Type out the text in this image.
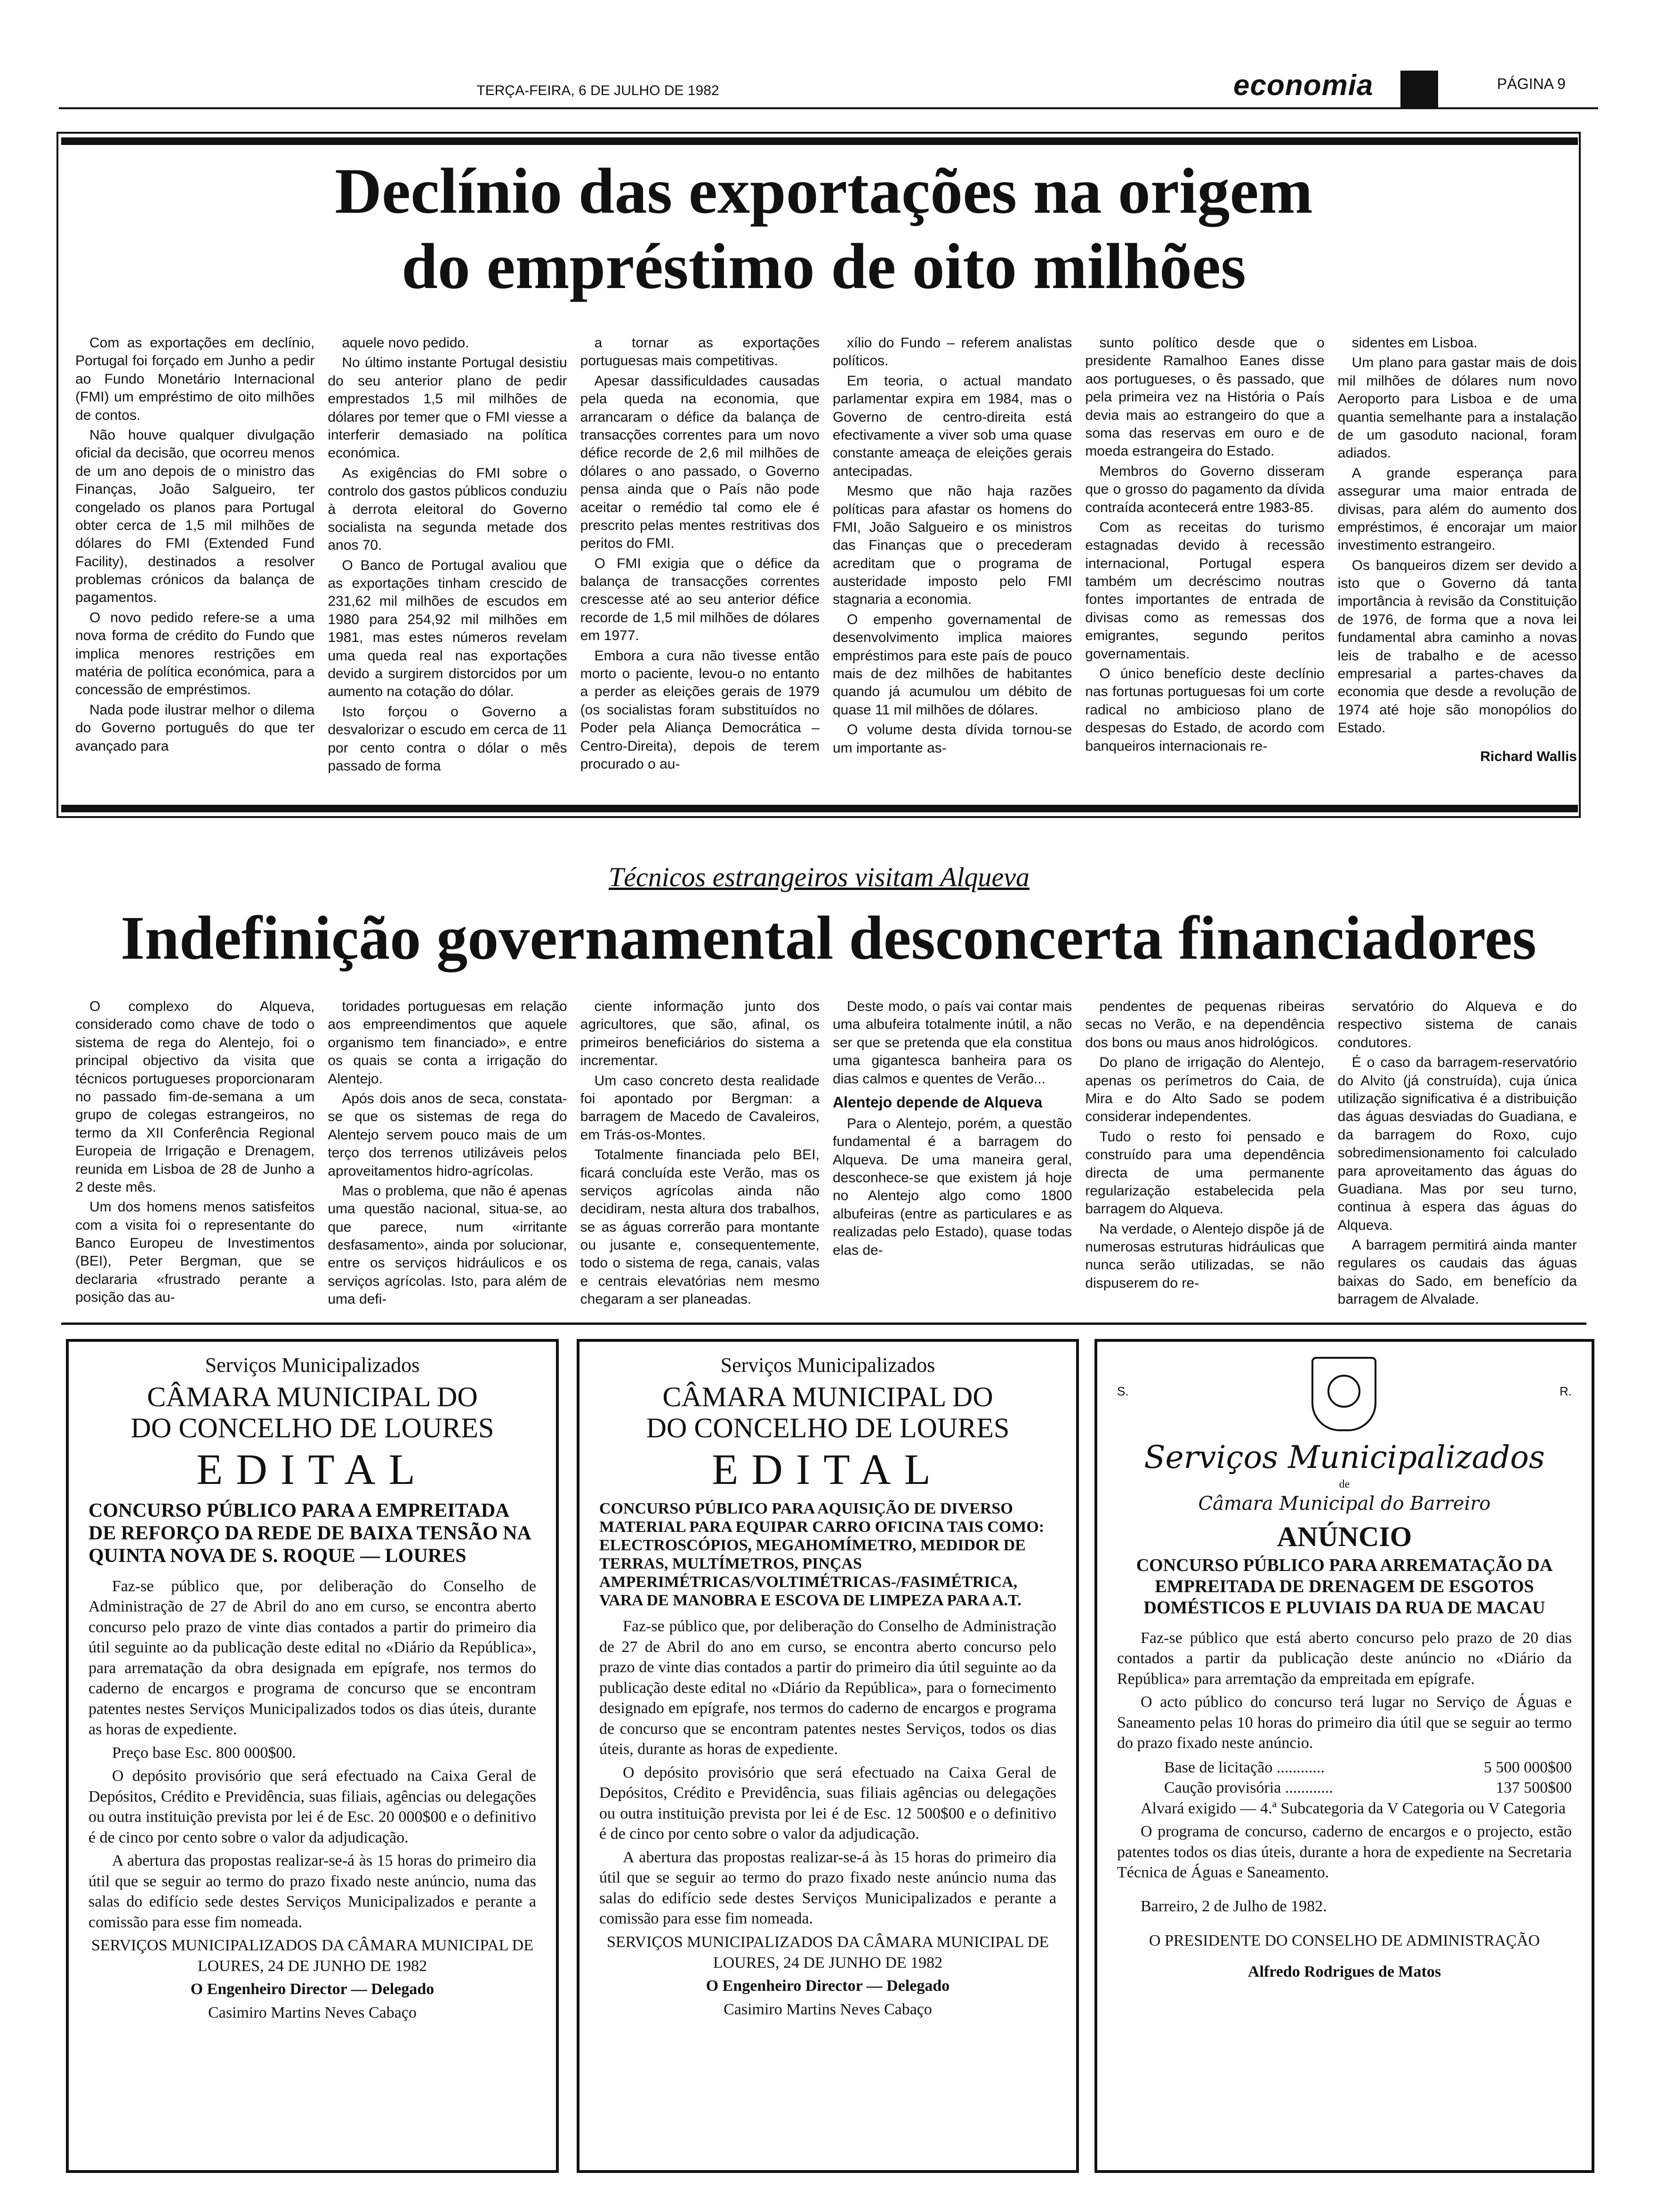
TERÇA-FEIRA, 6 DE JULHO DE 1982	economia	PÁGINA 9
Declínio das exportações na origem
do empréstimo de oito milhões

Com as exportações em declínio, Portugal foi forçado em Junho a pedir ao Fundo Monetário Internacional (FMI) um empréstimo de oito milhões de contos.

Não houve qualquer divulgação oficial da decisão, que ocorreu menos de um ano depois de o ministro das Finanças, João Salgueiro, ter congelado os planos para Portugal obter cerca de 1,5 mil milhões de dólares do FMI (Extended Fund Facility), destinados a resolver problemas crónicos da balança de pagamentos.

O novo pedido refere-se a uma nova forma de crédito do Fundo que implica menores restrições em matéria de política económica, para a concessão de empréstimos.

Nada pode ilustrar melhor o dilema do Governo português do que ter avançado para

aquele novo pedido.

No último instante Portugal desistiu do seu anterior plano de pedir emprestados 1,5 mil milhões de dólares por temer que o FMI viesse a interferir demasiado na política económica.

As exigências do FMI sobre o controlo dos gastos públicos conduziu à derrota eleitoral do Governo socialista na segunda metade dos anos 70.

O Banco de Portugal avaliou que as exportações tinham crescido de 231,62 mil milhões de escudos em 1980 para 254,92 mil milhões em 1981, mas estes números revelam uma queda real nas exportações devido a surgirem distorcidos por um aumento na cotação do dólar.

Isto forçou o Governo a desvalorizar o escudo em cerca de 11 por cento contra o dólar o mês passado de forma

a tornar as exportações portuguesas mais competitivas.

Apesar dassificuldades causadas pela queda na economia, que arrancaram o défice da balança de transacções correntes para um novo défice recorde de 2,6 mil milhões de dólares o ano passado, o Governo pensa ainda que o País não pode aceitar o remédio tal como ele é prescrito pelas mentes restritivas dos peritos do FMI.

O FMI exigia que o défice da balança de transacções correntes crescesse até ao seu anterior défice recorde de 1,5 mil milhões de dólares em 1977.

Embora a cura não tivesse então morto o paciente, levou-o no entanto a perder as eleições gerais de 1979 (os socialistas foram substituídos no Poder pela Aliança Democrática – Centro-Direita), depois de terem procurado o au-

xílio do Fundo – referem analistas políticos.

Em teoria, o actual mandato parlamentar expira em 1984, mas o Governo de centro-direita está efectivamente a viver sob uma quase constante ameaça de eleições gerais antecipadas.

Mesmo que não haja razões políticas para afastar os homens do FMI, João Salgueiro e os ministros das Finanças que o precederam acreditam que o programa de austeridade imposto pelo FMI stagnaria a economia.

O empenho governamental de desenvolvimento implica maiores empréstimos para este país de pouco mais de dez milhões de habitantes quando já acumulou um débito de quase 11 mil milhões de dólares.

O volume desta dívida tornou-se um importante as-

sunto político desde que o presidente Ramalhoo Eanes disse aos portugueses, o ês passado, que pela primeira vez na História o País devia mais ao estrangeiro do que a soma das reservas em ouro e de moeda estrangeira do Estado.

Membros do Governo disseram que o grosso do pagamento da dívida contraída acontecerá entre 1983-85.

Com as receitas do turismo estagnadas devido à recessão internacional, Portugal espera também um decréscimo noutras fontes importantes de entrada de divisas como as remessas dos emigrantes, segundo peritos governamentais.

O único benefício deste declínio nas fortunas portuguesas foi um corte radical no ambicioso plano de despesas do Estado, de acordo com banqueiros internacionais re-

sidentes em Lisboa.

Um plano para gastar mais de dois mil milhões de dólares num novo Aeroporto para Lisboa e de uma quantia semelhante para a instalação de um gasoduto nacional, foram adiados.

A grande esperança para assegurar uma maior entrada de divisas, para além do aumento dos empréstimos, é encorajar um maior investimento estrangeiro.

Os banqueiros dizem ser devido a isto que o Governo dá tanta importância à revisão da Constituição de 1976, de forma que a nova lei fundamental abra caminho a novas leis de trabalho e de acesso empresarial a partes-chaves da economia que desde a revolução de 1974 até hoje são monopólios do Estado.

Richard Wallis
Técnicos estrangeiros visitam Alqueva
Indefinição governamental desconcerta financiadores

O complexo do Alqueva, considerado como chave de todo o sistema de rega do Alentejo, foi o principal objectivo da visita que técnicos portugueses proporcionaram no passado fim-de-semana a um grupo de colegas estrangeiros, no termo da XII Conferência Regional Europeia de Irrigação e Drenagem, reunida em Lisboa de 28 de Junho a 2 deste mês.

Um dos homens menos satisfeitos com a visita foi o representante do Banco Europeu de Investimentos (BEI), Peter Bergman, que se declararia «frustrado perante a posição das au-

toridades portuguesas em relação aos empreendimentos que aquele organismo tem financiado», e entre os quais se conta a irrigação do Alentejo.

Após dois anos de seca, constata-se que os sistemas de rega do Alentejo servem pouco mais de um terço dos terrenos utilizáveis pelos aproveitamentos hidro-agrícolas.

Mas o problema, que não é apenas uma questão nacional, situa-se, ao que parece, num «irritante desfasamento», ainda por solucionar, entre os serviços hidráulicos e os serviços agrícolas. Isto, para além de uma defi-

ciente informação junto dos agricultores, que são, afinal, os primeiros beneficiários do sistema a incrementar.

Um caso concreto desta realidade foi apontado por Bergman: a barragem de Macedo de Cavaleiros, em Trás-os-Montes.

Totalmente financiada pelo BEI, ficará concluída este Verão, mas os serviços agrícolas ainda não decidiram, nesta altura dos trabalhos, se as águas correrão para montante ou jusante e, consequentemente, todo o sistema de rega, canais, valas e centrais elevatórias nem mesmo chegaram a ser planeadas.

Deste modo, o país vai contar mais uma albufeira totalmente inútil, a não ser que se pretenda que ela constitua uma gigantesca banheira para os dias calmos e quentes de Verão...

Alentejo depende de Alqueva

Para o Alentejo, porém, a questão fundamental é a barragem do Alqueva. De uma maneira geral, desconhece-se que existem já hoje no Alentejo algo como 1800 albufeiras (entre as particulares e as realizadas pelo Estado), quase todas elas de-

pendentes de pequenas ribeiras secas no Verão, e na dependência dos bons ou maus anos hidrológicos.

Do plano de irrigação do Alentejo, apenas os perímetros do Caia, de Mira e do Alto Sado se podem considerar independentes.

Tudo o resto foi pensado e construído para uma dependência directa de uma permanente regularização estabelecida pela barragem do Alqueva.

Na verdade, o Alentejo dispõe já de numerosas estruturas hidráulicas que nunca serão utilizadas, se não dispuserem do re-

servatório do Alqueva e do respectivo sistema de canais condutores.

É o caso da barragem-reservatório do Alvito (já construída), cuja única utilização significativa é a distribuição das águas desviadas do Guadiana, e da barragem do Roxo, cujo sobredimensionamento foi calculado para aproveitamento das águas do Guadiana. Mas por seu turno, continua à espera das águas do Alqueva.

A barragem permitirá ainda manter regulares os caudais das águas baixas do Sado, em benefício da barragem de Alvalade.

Serviços Municipalizados
CÂMARA MUNICIPAL DO
DO CONCELHO DE LOURES
EDITAL
CONCURSO PÚBLICO PARA A EMPREITADA DE REFORÇO DA REDE DE BAIXA TENSÃO NA QUINTA NOVA DE S. ROQUE — LOURES

Faz-se público que, por deliberação do Conselho de Administração de 27 de Abril do ano em curso, se encontra aberto concurso pelo prazo de vinte dias contados a partir do primeiro dia útil seguinte ao da publicação deste edital no «Diário da República», para arrematação da obra designada em epígrafe, nos termos do caderno de encargos e programa de concurso que se encontram patentes nestes Serviços Municipalizados todos os dias úteis, durante as horas de expediente.

Preço base Esc. 800 000$00.

O depósito provisório que será efectuado na Caixa Geral de Depósitos, Crédito e Previdência, suas filiais, agências ou delegações ou outra instituição prevista por lei é de Esc. 20 000$00 e o definitivo é de cinco por cento sobre o valor da adjudicação.

A abertura das propostas realizar-se-á às 15 horas do primeiro dia útil que se seguir ao termo do prazo fixado neste anúncio, numa das salas do edifício sede destes Serviços Municipalizados e perante a comissão para esse fim nomeada.

SERVIÇOS MUNICIPALIZADOS DA CÂMARA MUNICIPAL DE LOURES, 24 DE JUNHO DE 1982

O Engenheiro Director — Delegado

Casimiro Martins Neves Cabaço

Serviços Municipalizados
CÂMARA MUNICIPAL DO
DO CONCELHO DE LOURES
EDITAL
CONCURSO PÚBLICO PARA AQUISIÇÃO DE DIVERSO MATERIAL PARA EQUIPAR CARRO OFICINA TAIS COMO: ELECTROSCÓPIOS, MEGAHOMÍMETRO, MEDIDOR DE TERRAS, MULTÍMETROS, PINÇAS AMPERIMÉTRICAS/VOLTIMÉTRICAS-/FASIMÉTRICA, VARA DE MANOBRA E ESCOVA DE LIMPEZA PARA A.T.

Faz-se público que, por deliberação do Conselho de Administração de 27 de Abril do ano em curso, se encontra aberto concurso pelo prazo de vinte dias contados a partir do primeiro dia útil seguinte ao da publicação deste edital no «Diário da República», para o fornecimento designado em epígrafe, nos termos do caderno de encargos e programa de concurso que se encontram patentes nestes Serviços, todos os dias úteis, durante as horas de expediente.

O depósito provisório que será efectuado na Caixa Geral de Depósitos, Crédito e Previdência, suas filiais agências ou delegações ou outra instituição prevista por lei é de Esc. 12 500$00 e o definitivo é de cinco por cento sobre o valor da adjudicação.

A abertura das propostas realizar-se-á às 15 horas do primeiro dia útil que se seguir ao termo do prazo fixado neste anúncio numa das salas do edifício sede destes Serviços Municipalizados e perante a comissão para esse fim nomeada.

SERVIÇOS MUNICIPALIZADOS DA CÂMARA MUNICIPAL DE LOURES, 24 DE JUNHO DE 1982

O Engenheiro Director — Delegado

Casimiro Martins Neves Cabaço

S.	R.
Serviços Municipalizados
de
Câmara Municipal do Barreiro
ANÚNCIO
CONCURSO PÚBLICO PARA ARREMATAÇÃO DA EMPREITADA DE DRENAGEM DE ESGOTOS DOMÉSTICOS E PLUVIAIS DA RUA DE MACAU

Faz-se público que está aberto concurso pelo prazo de 20 dias contados a partir da publicação deste anúncio no «Diário da República» para arremtação da empreitada em epígrafe.

O acto público do concurso terá lugar no Serviço de Águas e Saneamento pelas 10 horas do primeiro dia útil que se seguir ao termo do prazo fixado neste anúncio.

Base de licitação ............	5 500 000$00
Caução provisória ............	137 500$00

Alvará exigido — 4.ª Subcategoria da V Categoria ou V Categoria

O programa de concurso, caderno de encargos e o projecto, estão patentes todos os dias úteis, durante a hora de expediente na Secretaria Técnica de Águas e Saneamento.

Barreiro, 2 de Julho de 1982.

O PRESIDENTE DO CONSELHO DE ADMINISTRAÇÃO

Alfredo Rodrigues de Matos
